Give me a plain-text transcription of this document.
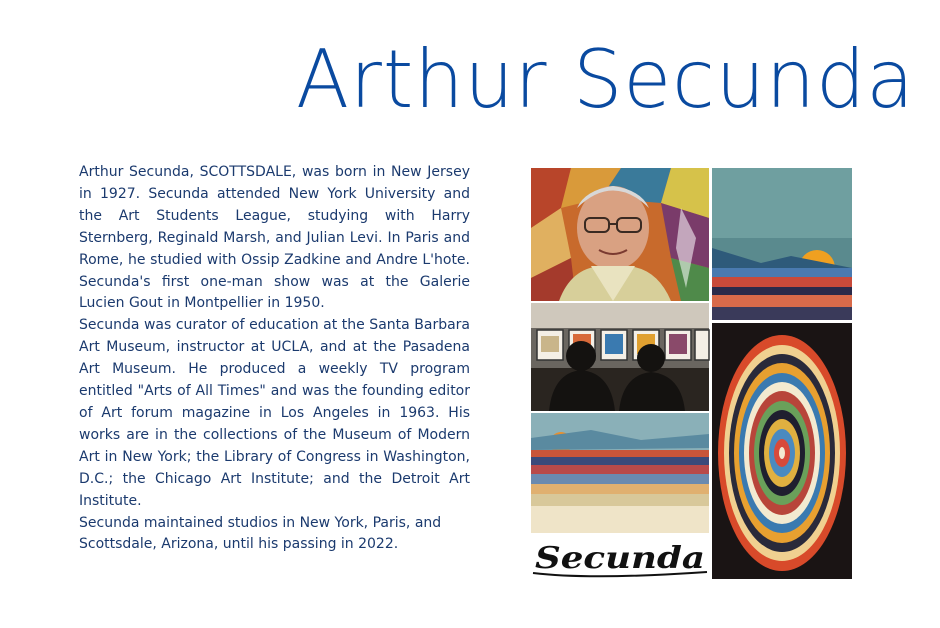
Arthur Secunda

Arthur Secunda, SCOTTSDALE, was born in New Jersey in 1927. Secunda attended New York University and the Art Students League, studying with Harry Sternberg, Reginald Marsh, and Julian Levi. In Paris and Rome, he studied with Ossip Zadkine and Andre L'hote. Secunda's first one-man show was at the Galerie Lucien Gout in Montpellier in 1950.

Secunda was curator of education at the Santa Barbara Art Museum, instructor at UCLA, and at the Pasadena Art Museum. He produced a weekly TV program entitled "Arts of All Times" and was the founding editor of Art forum magazine in Los Angeles in 1963. His works are in the collections of the Museum of Modern Art in New York; the Library of Congress in Washington, D.C.; the Chicago Art Institute; and the Detroit Art Institute.

Secunda maintained studios in New York, Paris, and Scottsdale, Arizona, until his passing in 2022.	Secunda
